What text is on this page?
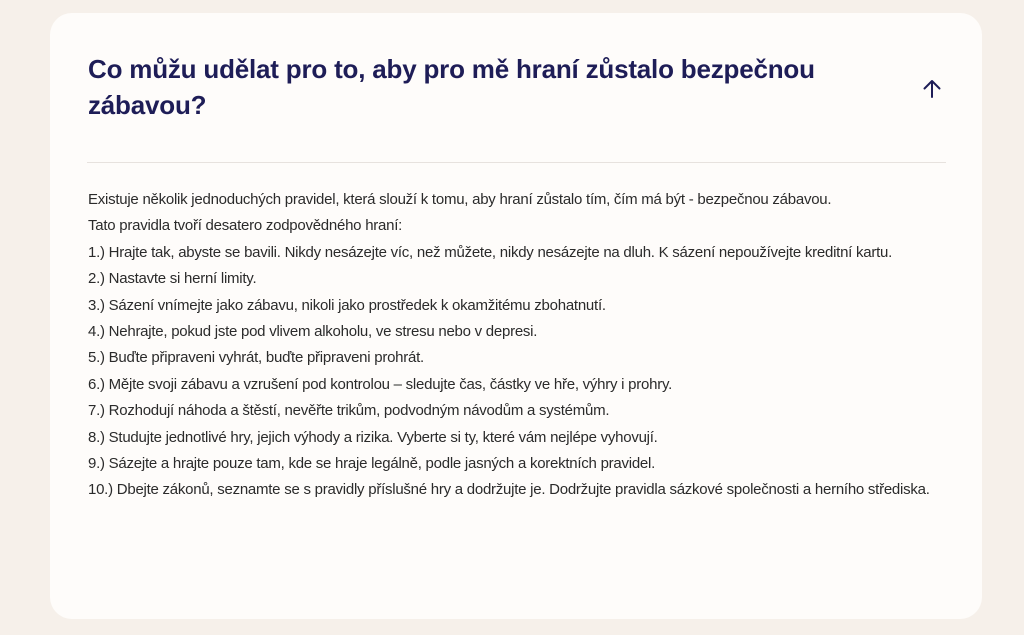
Co můžu udělat pro to, aby pro mě hraní zůstalo bezpečnou zábavou?

Existuje několik jednoduchých pravidel, která slouží k tomu, aby hraní zůstalo tím, čím má být - bezpečnou zábavou.

Tato pravidla tvoří desatero zodpovědného hraní:

1.) Hrajte tak, abyste se bavili. Nikdy nesázejte víc, než můžete, nikdy nesázejte na dluh. K sázení nepoužívejte kreditní kartu.

2.) Nastavte si herní limity.

3.) Sázení vnímejte jako zábavu, nikoli jako prostředek k okamžitému zbohatnutí.

4.) Nehrajte, pokud jste pod vlivem alkoholu, ve stresu nebo v depresi.

5.) Buďte připraveni vyhrát, buďte připraveni prohrát.

6.) Mějte svoji zábavu a vzrušení pod kontrolou – sledujte čas, částky ve hře, výhry i prohry.

7.) Rozhodují náhoda a štěstí, nevěřte trikům, podvodným návodům a systémům.

8.) Studujte jednotlivé hry, jejich výhody a rizika. Vyberte si ty, které vám nejlépe vyhovují.

9.) Sázejte a hrajte pouze tam, kde se hraje legálně, podle jasných a korektních pravidel.

10.) Dbejte zákonů, seznamte se s pravidly příslušné hry a dodržujte je. Dodržujte pravidla sázkové společnosti a herního střediska.
